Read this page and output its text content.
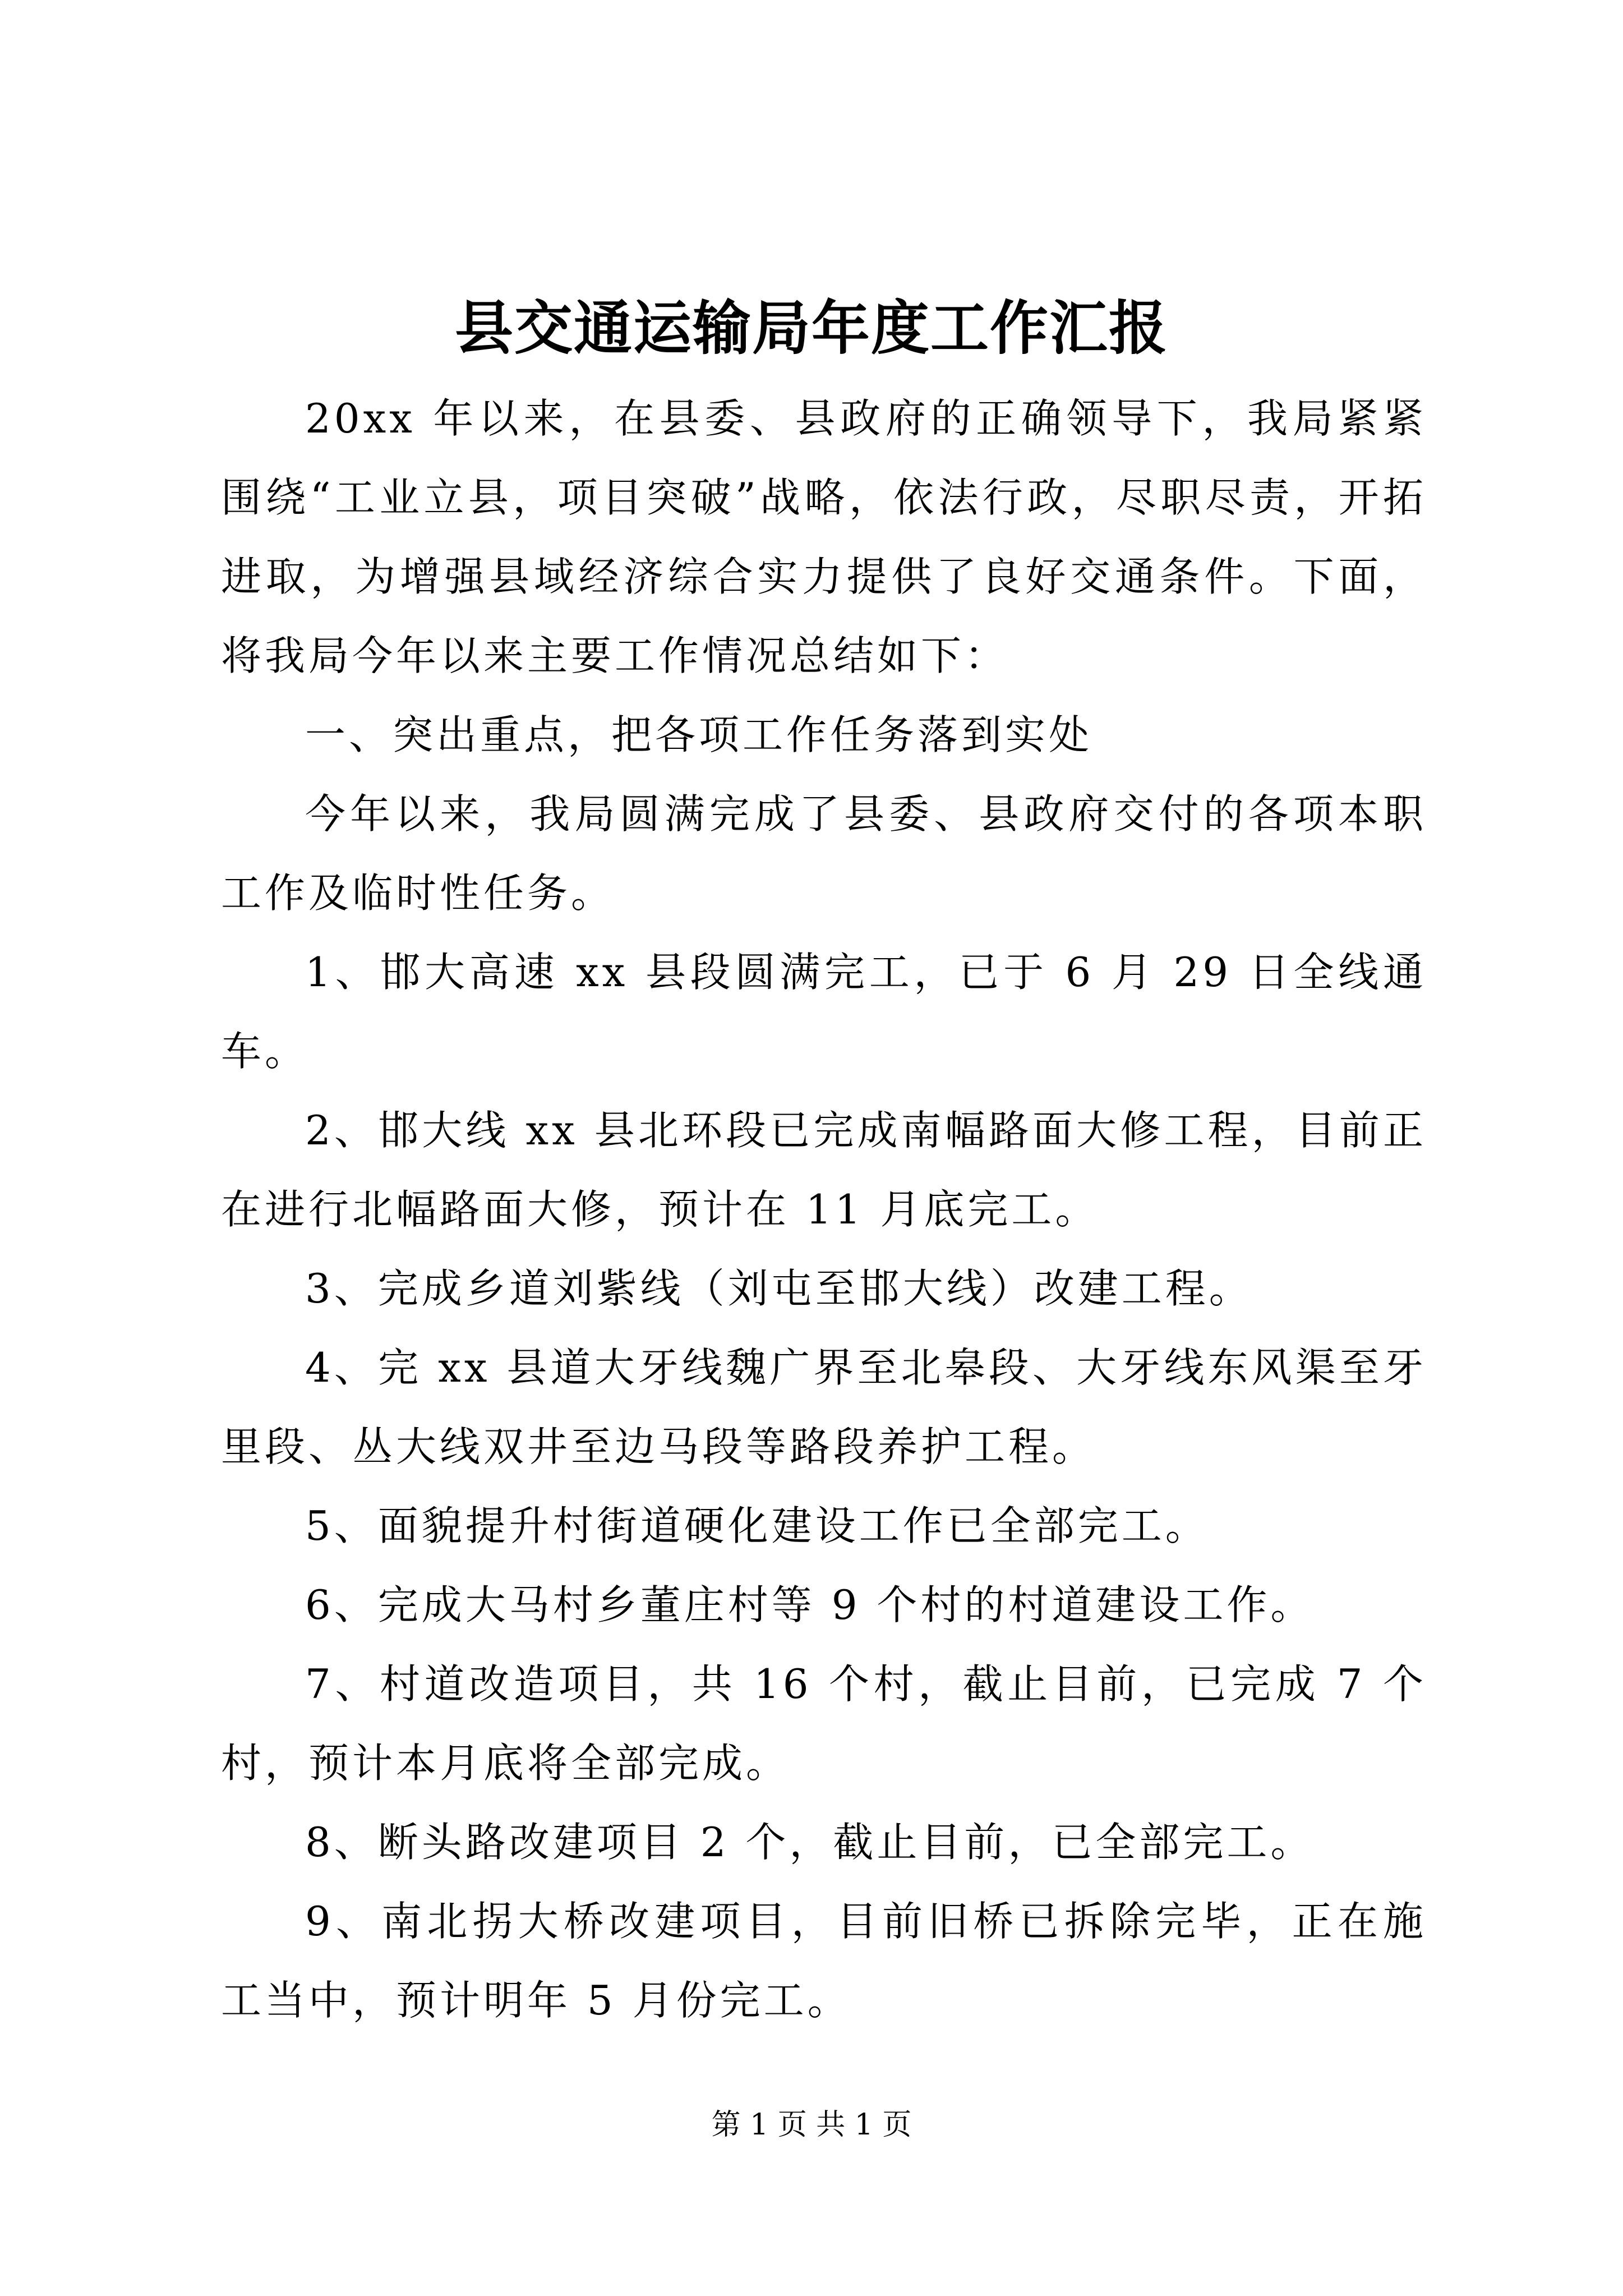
县交通运输局年度工作汇报

20xx 年以来，在县委、县政府的正确领导下，我局紧紧围绕“工业立县，项目突破”战略，依法行政，尽职尽责，开拓进取，为增强县域经济综合实力提供了良好交通条件。下面，将我局今年以来主要工作情况总结如下：

一、突出重点，把各项工作任务落到实处

今年以来，我局圆满完成了县委、县政府交付的各项本职工作及临时性任务。

1、邯大高速 xx 县段圆满完工，已于 6 月 29 日全线通车。

2、邯大线 xx 县北环段已完成南幅路面大修工程，目前正在进行北幅路面大修，预计在 11 月底完工。

3、完成乡道刘紫线（刘屯至邯大线）改建工程。

4、完 xx 县道大牙线魏广界至北皋段、大牙线东风渠至牙里段、丛大线双井至边马段等路段养护工程。

5、面貌提升村街道硬化建设工作已全部完工。

6、完成大马村乡董庄村等 9 个村的村道建设工作。

7、村道改造项目，共 16 个村，截止目前，已完成 7 个村，预计本月底将全部完成。

8、断头路改建项目 2 个，截止目前，已全部完工。

9、南北拐大桥改建项目，目前旧桥已拆除完毕，正在施工当中，预计明年 5 月份完工。

第 1 页 共 1 页
